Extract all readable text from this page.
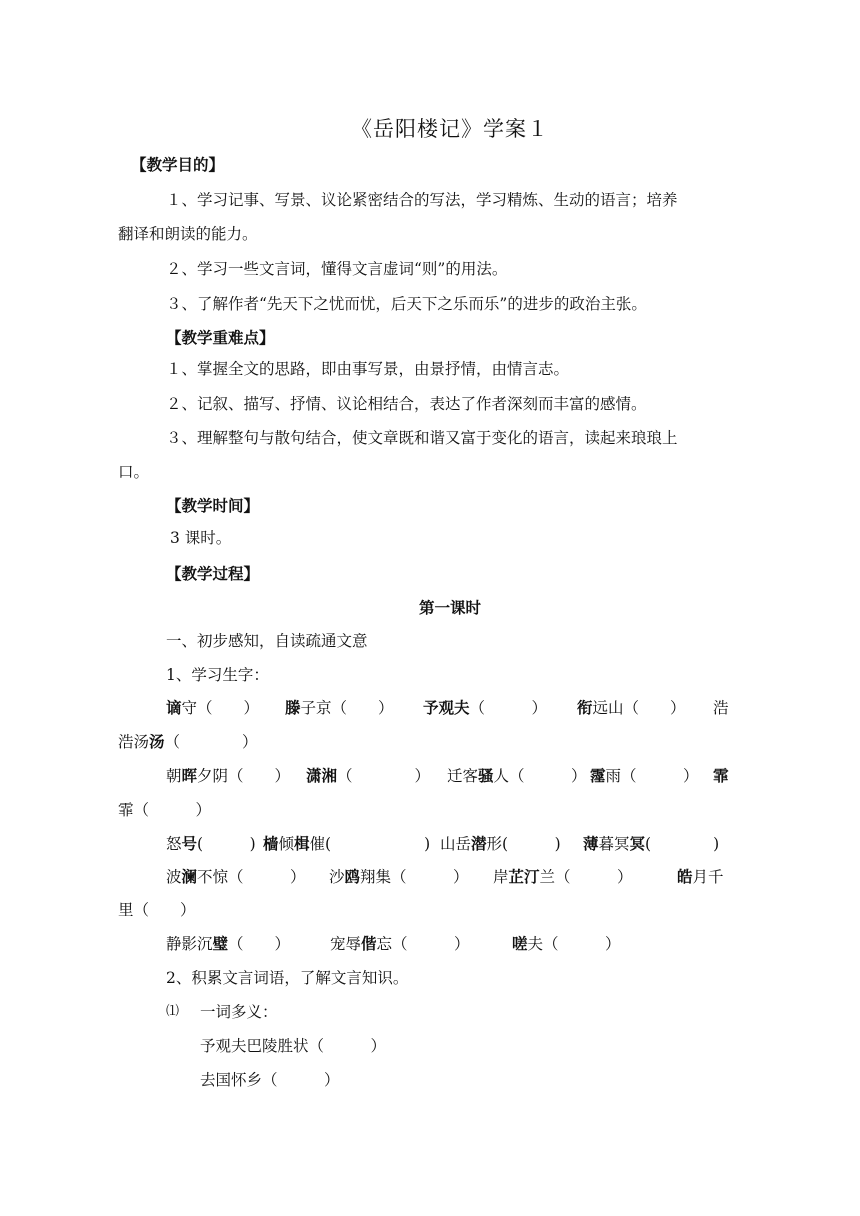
《岳阳楼记》学案１
【教学目的】
１、学习记事、写景、议论紧密结合的写法，学习精炼、生动的语言；培养
翻译和朗读的能力。
２、学习一些文言词，懂得文言虚词“则”的用法。
３、了解作者“先天下之忧而忧，后天下之乐而乐”的进步的政治主张。
【教学重难点】
１、掌握全文的思路，即由事写景，由景抒情，由情言志。
２、记叙、描写、抒情、议论相结合，表达了作者深刻而丰富的感情。
３、理解整句与散句结合，使文章既和谐又富于变化的语言，读起来琅琅上
口。
【教学时间】
3 课时。
【教学过程】
第一课时
一、初步感知，自读疏通文意
1、学习生字：
谪守（　　） 滕子京（　　） 予观夫（　　　） 衔远山（　　） 浩
浩汤汤（　　　　）
朝晖夕阴（　　） 潇湘（　　　　） 迁客骚人（　　　） 霪雨（　　　） 霏
霏（　　　）
怒号(　　　) 樯倾楫催(　　　　　　) 山岳潜形(　　　) 薄暮冥冥(　　　　)
波澜不惊（　　　） 沙鸥翔集（　　　） 岸芷汀兰（　　　）	皓月千
里（　　）
静影沉璧（　　）	宠辱偕忘（　　　）	嗟夫（　　　）
2、积累文言词语，了解文言知识。
⑴ 一词多义：
予观夫巴陵胜状（　　　）
去国怀乡（　　　）
